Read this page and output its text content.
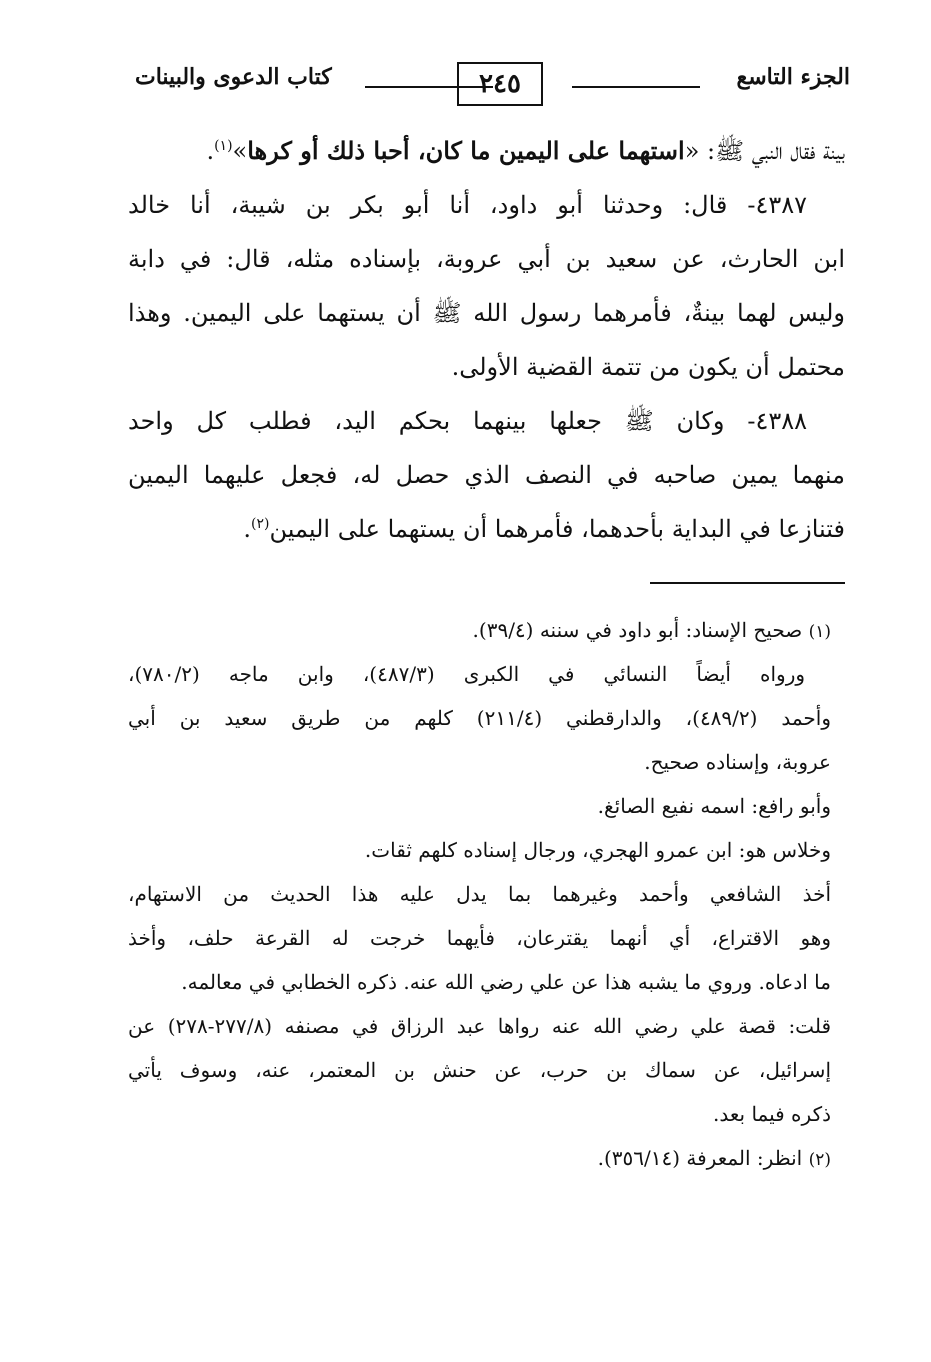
الجزء التاسع
٢٤٥
كتاب الدعوى والبينات
بينة فقال النبي ﷺ: «استهما على اليمين ما كان، أحبا ذلك أو كرها»$^{(١)}$.
٤٣٨٧- قال: وحدثنا أبو داود، أنا أبو بكر بن شيبة، أنا خالد
ابن الحارث، عن سعيد بن أبي عروبة، بإسناده مثله، قال: في دابة
وليس لهما بينةٌ، فأمرهما رسول الله ﷺ أن يستهما على اليمين. وهذا
محتمل أن يكون من تتمة القضية الأولى.
٤٣٨٨- وكان ﷺ جعلها بينهما بحكم اليد، فطلب كل واحد
منهما يمين صاحبه في النصف الذي حصل له، فجعل عليهما اليمين
فتنازعا في البداية بأحدهما، فأمرهما أن يستهما على اليمين$^{(٢)}$.
(١) صحيح الإسناد: أبو داود في سننه (٣٩/٤).
ورواه أيضاً النسائي في الكبرى (٤٨٧/٣)، وابن ماجه (٧٨٠/٢)،
وأحمد (٤٨٩/٢)، والدارقطني (٢١١/٤) كلهم من طريق سعيد بن أبي
عروبة، وإسناده صحيح.
وأبو رافع: اسمه نفيع الصائغ.
وخلاس هو: ابن عمرو الهجري، ورجال إسناده كلهم ثقات.
أخذ الشافعي وأحمد وغيرهما بما يدل عليه هذا الحديث من الاستهام،
وهو الاقتراع، أي أنهما يقترعان، فأيهما خرجت له القرعة حلف، وأخذ
ما ادعاه. وروي ما يشبه هذا عن علي رضي الله عنه. ذكره الخطابي في معالمه.
قلت: قصة علي رضي الله عنه رواها عبد الرزاق في مصنفه (٢٧٧/٨-٢٧٨) عن
إسرائيل، عن سماك بن حرب، عن حنش بن المعتمر، عنه، وسوف يأتي
ذكره فيما بعد.
(٢) انظر: المعرفة (٣٥٦/١٤).
